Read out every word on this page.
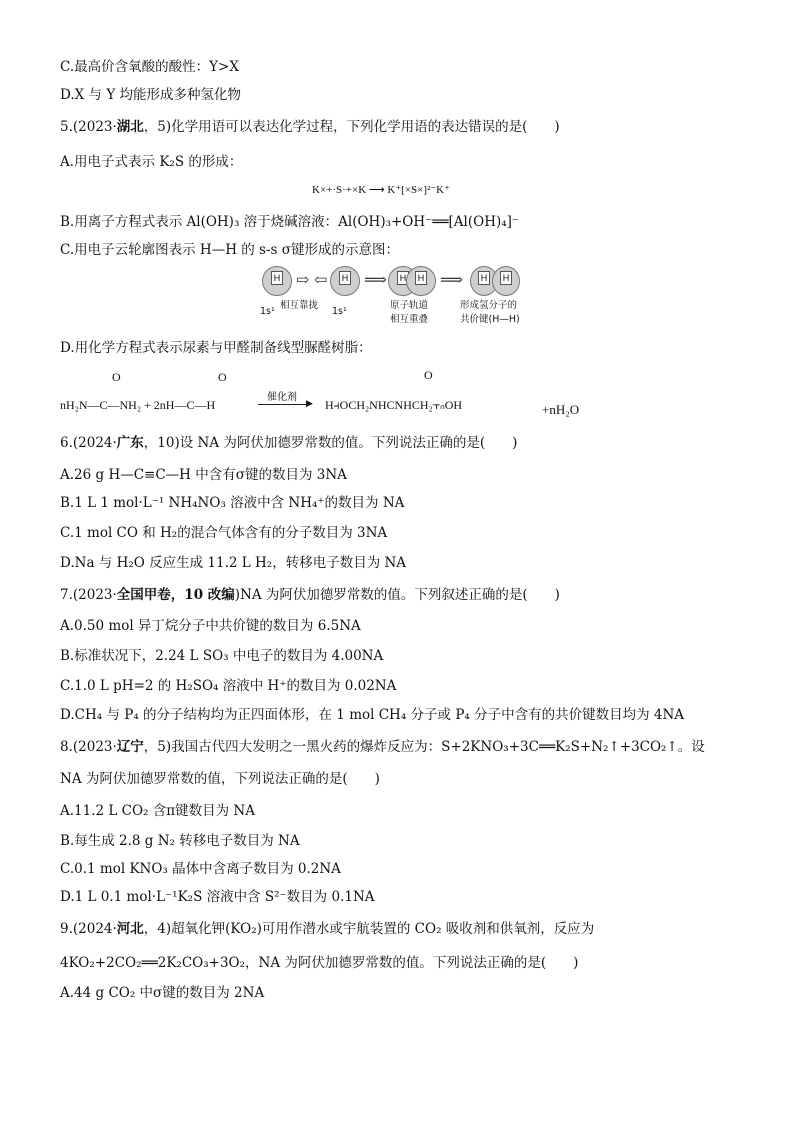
C.最高价含氧酸的酸性：Y>X
D.X 与 Y 均能形成多种氢化物
5.(2023·湖北，5)化学用语可以表达化学过程，下列化学用语的表达错误的是(　　)
A.用电子式表示 K₂S 的形成：
K×+·S·+×K ⟶ K⁺[×S×]²⁻K⁺
B.用离子方程式表示 Al(OH)₃ 溶于烧碱溶液：Al(OH)₃+OH⁻══[Al(OH)₄]⁻
C.用电子云轮廓图表示 H—H 的 s-s σ键形成的示意图：
H ⇨ ⇦	H ⟹	H	H ⟹	H	H
1s¹
相互靠拢
1s¹
原子轨道
相互重叠
形成氢分子的
共价键(H—H)
D.用化学方程式表示尿素与甲醛制备线型脲醛树脂：
O	O	O
nH₂N—C—NH₂ + 2nH—C—H
催化剂
▶ H⫞OCH₂NHCNHCH₂⫟ₙOH	+nH₂O
6.(2024·广东，10)设 NA 为阿伏加德罗常数的值。下列说法正确的是(　　)
A.26 g H—C≡C—H 中含有σ键的数目为 3NA
B.1 L 1 mol·L⁻¹ NH₄NO₃ 溶液中含 NH₄⁺的数目为 NA
C.1 mol CO 和 H₂的混合气体含有的分子数目为 3NA
D.Na 与 H₂O 反应生成 11.2 L H₂，转移电子数目为 NA
7.(2023·全国甲卷，10 改编)NA 为阿伏加德罗常数的值。下列叙述正确的是(　　)
A.0.50 mol 异丁烷分子中共价键的数目为 6.5NA
B.标准状况下，2.24 L SO₃ 中电子的数目为 4.00NA
C.1.0 L pH=2 的 H₂SO₄ 溶液中 H⁺的数目为 0.02NA
D.CH₄ 与 P₄ 的分子结构均为正四面体形，在 1 mol CH₄ 分子或 P₄ 分子中含有的共价键数目均为 4NA
8.(2023·辽宁，5)我国古代四大发明之一黑火药的爆炸反应为：S+2KNO₃+3C══K₂S+N₂↑+3CO₂↑。设
NA 为阿伏加德罗常数的值，下列说法正确的是(　　)
A.11.2 L CO₂ 含π键数目为 NA
B.每生成 2.8 g N₂ 转移电子数目为 NA
C.0.1 mol KNO₃ 晶体中含离子数目为 0.2NA
D.1 L 0.1 mol·L⁻¹K₂S 溶液中含 S²⁻数目为 0.1NA
9.(2024·河北，4)超氧化钾(KO₂)可用作潜水或宇航装置的 CO₂ 吸收剂和供氧剂，反应为
4KO₂+2CO₂══2K₂CO₃+3O₂，NA 为阿伏加德罗常数的值。下列说法正确的是(　　)
A.44 g CO₂ 中σ键的数目为 2NA
